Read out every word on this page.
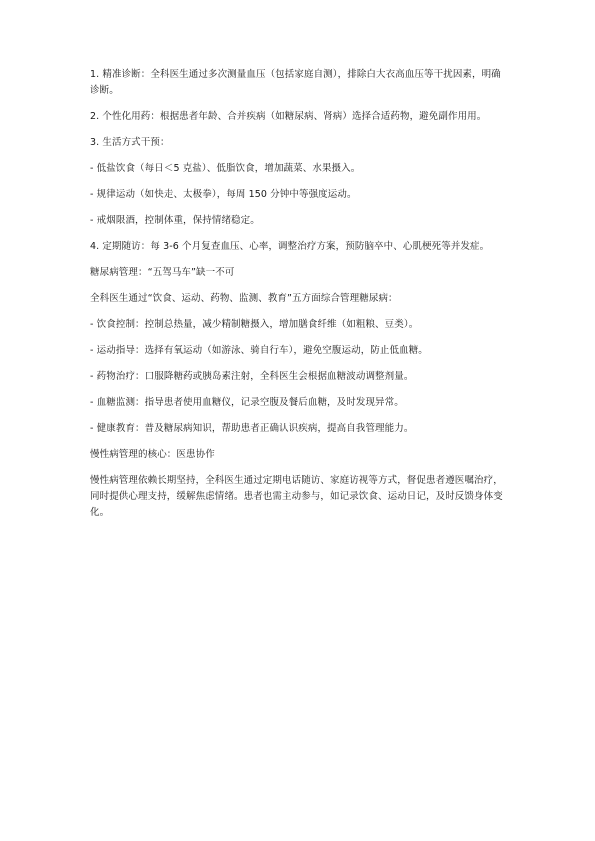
1. 精准诊断：全科医生通过多次测量血压（包括家庭自测），排除白大衣高血压等干扰因素，明确诊断。

2. 个性化用药：根据患者年龄、合并疾病（如糖尿病、肾病）选择合适药物，避免副作用用。

3. 生活方式干预：

- 低盐饮食（每日＜5 克盐）、低脂饮食，增加蔬菜、水果摄入。

- 规律运动（如快走、太极拳），每周 150 分钟中等强度运动。

- 戒烟限酒，控制体重，保持情绪稳定。

4. 定期随访：每 3-6 个月复查血压、心率，调整治疗方案，预防脑卒中、心肌梗死等并发症。

糖尿病管理：“五驾马车”缺一不可

全科医生通过“饮食、运动、药物、监测、教育”五方面综合管理糖尿病：

- 饮食控制：控制总热量，减少精制糖摄入，增加膳食纤维（如粗粮、豆类）。

- 运动指导：选择有氧运动（如游泳、骑自行车），避免空腹运动，防止低血糖。

- 药物治疗：口服降糖药或胰岛素注射，全科医生会根据血糖波动调整剂量。

- 血糖监测：指导患者使用血糖仪，记录空腹及餐后血糖，及时发现异常。

- 健康教育：普及糖尿病知识，帮助患者正确认识疾病，提高自我管理能力。

慢性病管理的核心：医患协作

慢性病管理依赖长期坚持，全科医生通过定期电话随访、家庭访视等方式，督促患者遵医嘱治疗，同时提供心理支持，缓解焦虑情绪。患者也需主动参与，如记录饮食、运动日记，及时反馈身体变化。
